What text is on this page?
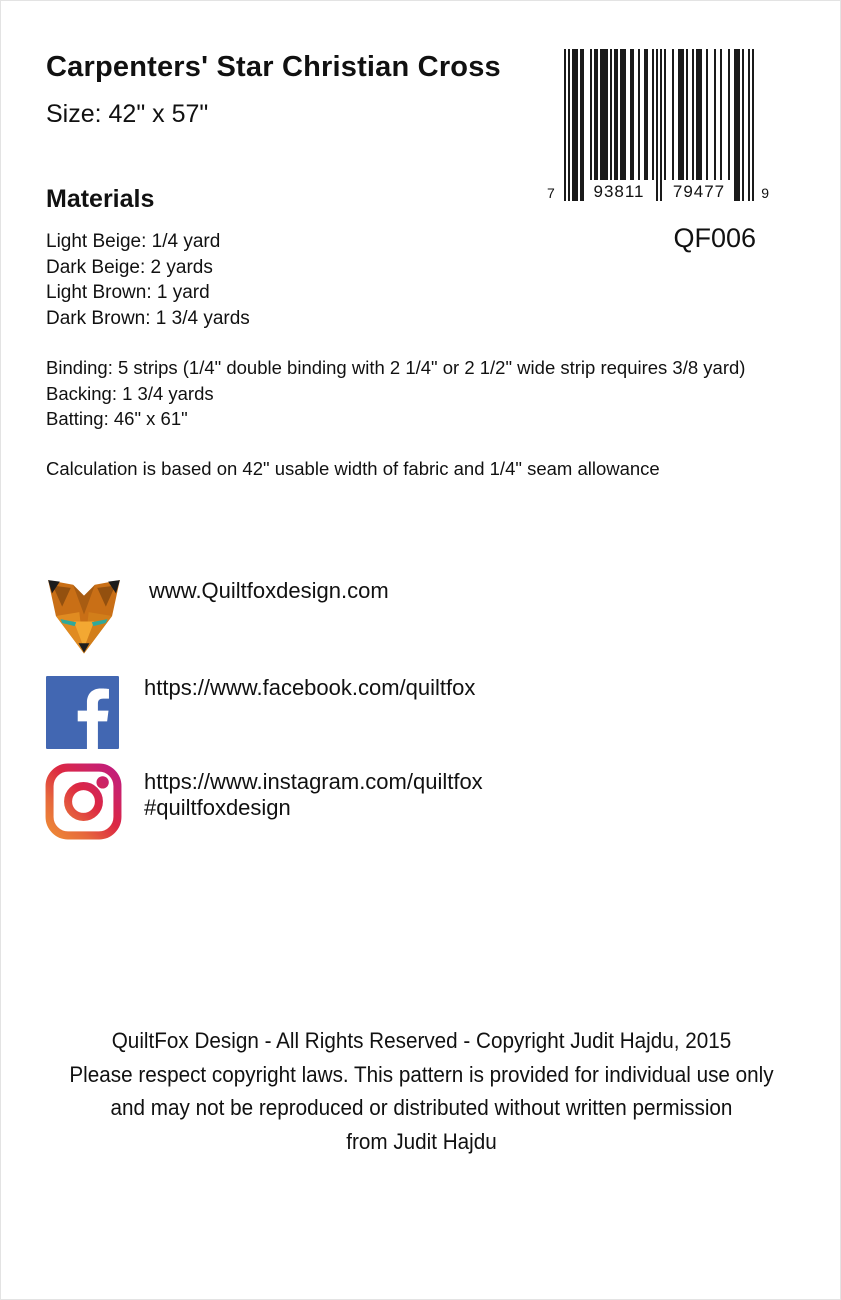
Carpenters' Star Christian Cross
Size: 42" x 57"
7	93811	79477	9
QF006
Materials
Light Beige: 1/4 yard
Dark Beige: 2 yards
Light Brown: 1 yard
Dark Brown: 1 3/4 yards
Binding: 5 strips (1/4" double binding with 2 1/4" or 2 1/2" wide strip requires 3/8 yard)
Backing: 1 3/4 yards
Batting: 46" x 61"
Calculation is based on 42" usable width of fabric and 1/4" seam allowance
www.Quiltfoxdesign.com
https://www.facebook.com/quiltfox
https://www.instagram.com/quiltfox
#quiltfoxdesign
QuiltFox Design - All Rights Reserved - Copyright Judit Hajdu, 2015
Please respect copyright laws. This pattern is provided for individual use only
and may not be reproduced or distributed without written permission
from Judit Hajdu
